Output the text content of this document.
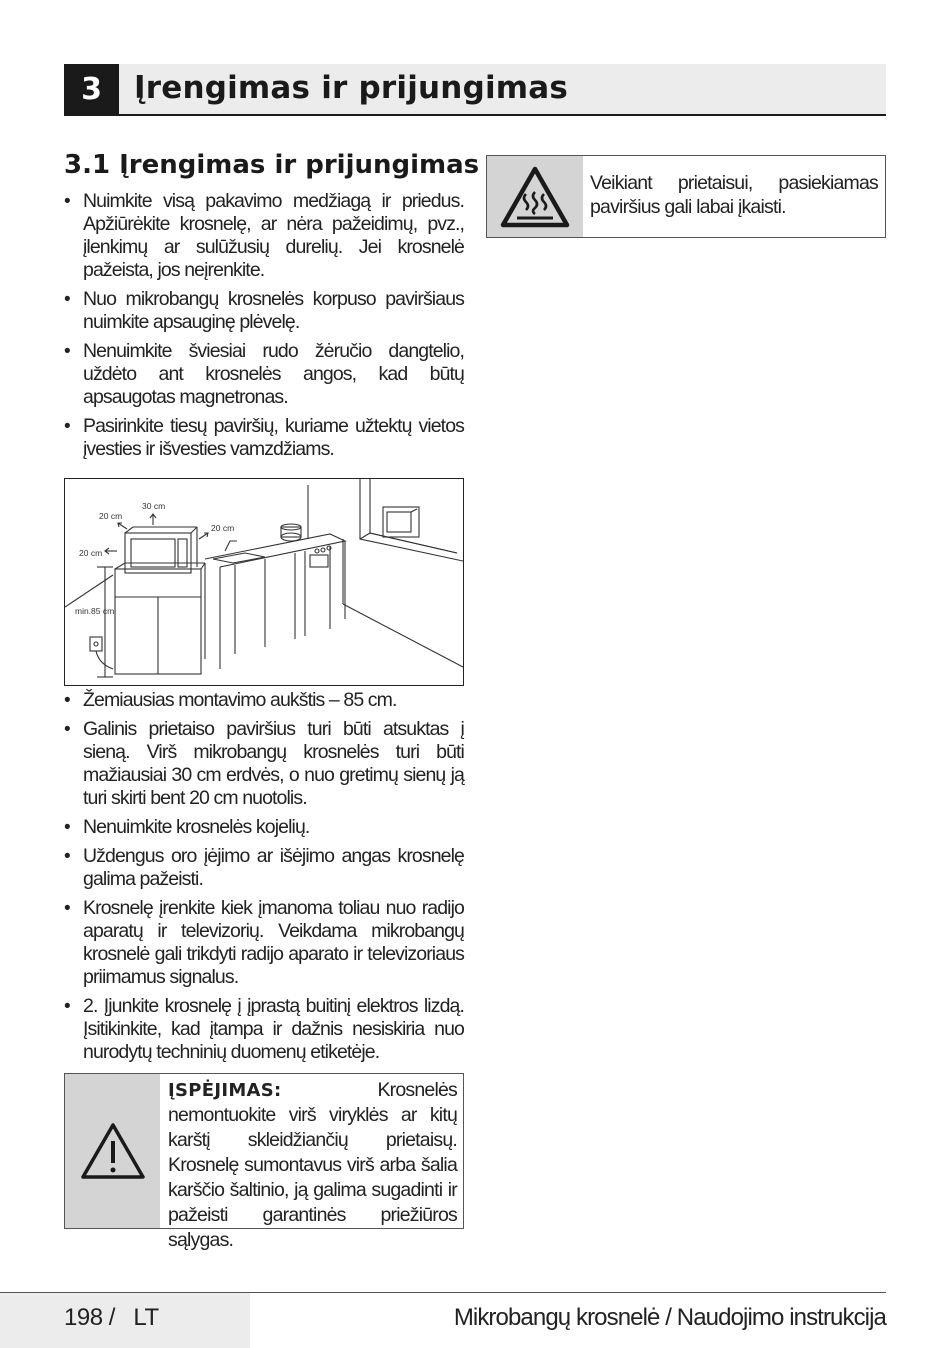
3	Įrengimas ir prijungimas
3.1 Įrengimas ir prijungimas
• Nuimkite visą pakavimo medžiagą ir priedus. Apžiūrėkite krosnelę, ar nėra pažeidimų, pvz., įlenkimų ar sulūžusių durelių. Jei krosnelė pažeista, jos neįrenkite.
• Nuo mikrobangų krosnelės korpuso paviršiaus nuimkite apsauginę plėvelę.
• Nenuimkite šviesiai rudo žėručio dangtelio, uždėto ant krosnelės angos, kad būtų apsaugotas magnetronas.
• Pasirinkite tiesų paviršių, kuriame užtektų vietos įvesties ir išvesties vamzdžiams.
30 cm
20 cm
20 cm
20 cm
min.85 cm
• Žemiausias montavimo aukštis – 85 cm.
• Galinis prietaiso paviršius turi būti atsuktas į sieną. Virš mikrobangų krosnelės turi būti mažiausiai 30 cm erdvės, o nuo gretimų sienų ją turi skirti bent 20 cm nuotolis.
• Nenuimkite krosnelės kojelių.
• Uždengus oro įėjimo ar išėjimo angas krosnelę galima pažeisti.
• Krosnelę įrenkite kiek įmanoma toliau nuo radijo aparatų ir televizorių. Veikdama mikrobangų krosnelė gali trikdyti radijo aparato ir televizoriaus priimamus signalus.
• 2. Įjunkite krosnelę į įprastą buitinį elektros lizdą. Įsitikinkite, kad įtampa ir dažnis nesiskiria nuo nurodytų techninių duomenų etiketėje.
Veikiant prietaisui, pasiekiamas paviršius gali labai įkaisti.
ĮSPĖJIMAS: Krosnelės nemontuokite virš viryklės ar kitų karštį skleidžiančių prietaisų. Krosnelę sumontavus virš arba šalia karščio šaltinio, ją galima sugadinti ir pažeisti garantinės priežiūros sąlygas.
198 /   LT	Mikrobangų krosnelė / Naudojimo instrukcija
